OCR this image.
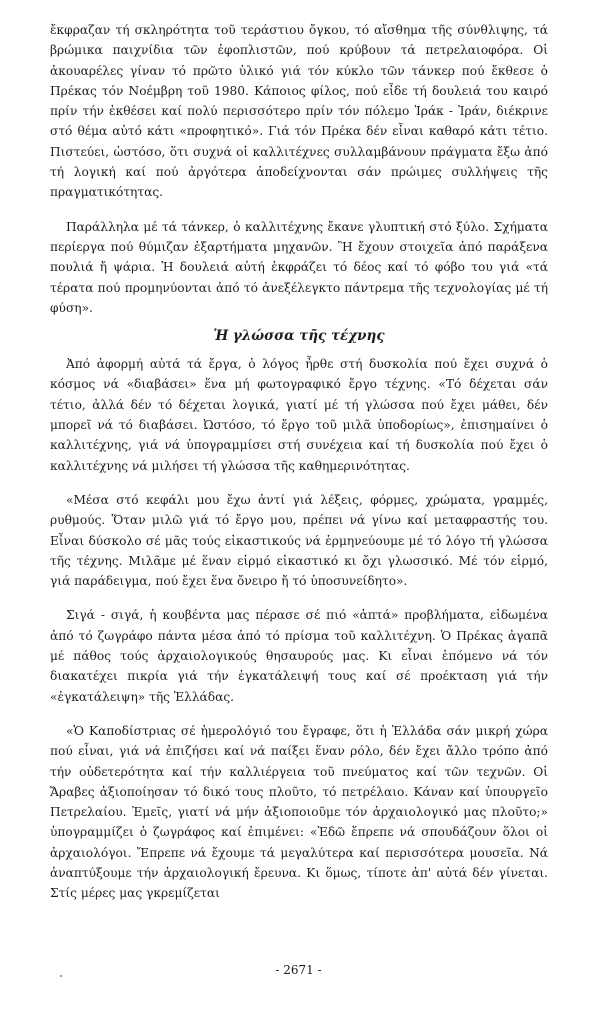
ἔκφραζαν τή σκληρότητα τοῦ τεράστιου ὄγκου, τό αἴσθημα τῆς σύνθλιψης, τά βρώμικα παιχνίδια τῶν ἐφοπλιστῶν, πού κρύβουν τά πετρελαιοφόρα. Οἱ ἀκουαρέλες γίναν τό πρῶτο ὑλικό γιά τόν κύκλο τῶν τάνκερ πού ἔκθεσε ὁ Πρέκας τόν Νοέμβρη τοῦ 1980. Κάποιος φίλος, πού εἶδε τή δουλειά του καιρό πρίν τήν ἐκθέσει καί πολύ περισσότερο πρίν τόν πόλεμο Ἰράκ - Ἰράν, διέκρινε στό θέμα αὐτό κάτι «προφητικό». Γιά τόν Πρέκα δέν εἶναι καθαρό κάτι τέτιο. Πιστεύει, ὡστόσο, ὅτι συχνά οἱ καλλιτέχνες συλλαμβάνουν πράγματα ἔξω ἀπό τή λογική καί πού ἀργότερα ἀποδείχνονται σάν πρώιμες συλλήψεις τῆς πραγματικότητας.

Παράλληλα μέ τά τάνκερ, ὁ καλλιτέχνης ἔκανε γλυπτική στό ξύλο. Σχήματα περίεργα πού θύμιζαν ἐξαρτήματα μηχανῶν. Ἢ ἔχουν στοιχεῖα ἀπό παράξενα πουλιά ἤ ψάρια. Ἡ δουλειά αὐτή ἐκφράζει τό δέος καί τό φόβο του γιά «τά τέρατα πού προμηνύονται ἀπό τό ἀνεξέλεγκτο πάντρεμα τῆς τεχνολογίας μέ τή φύση».

Ἡ γλώσσα τῆς τέχνης

Ἀπό ἀφορμή αὐτά τά ἔργα, ὁ λόγος ἦρθε στή δυσκολία πού ἔχει συχνά ὁ κόσμος νά «διαβάσει» ἕνα μή φωτογραφικό ἔργο τέχνης. «Τό δέχεται σάν τέτιο, ἀλλά δέν τό δέχεται λογικά, γιατί μέ τή γλώσσα πού ἔχει μάθει, δέν μπορεῖ νά τό διαβάσει. Ὠστόσο, τό ἔργο τοῦ μιλᾶ ὑποδορίως», ἐπισημαίνει ὁ καλλιτέχνης, γιά νά ὑπογραμμίσει στή συνέχεια καί τή δυσκολία πού ἔχει ὁ καλλιτέχνης νά μιλήσει τή γλώσσα τῆς καθημερινότητας.

«Μέσα στό κεφάλι μου ἔχω ἀντί γιά λέξεις, φόρμες, χρώματα, γραμμές, ρυθμούς. Ὅταν μιλῶ γιά τό ἔργο μου, πρέπει νά γίνω καί μεταφραστής του. Εἶναι δύσκολο σέ μᾶς τούς εἰκαστικούς νά ἑρμηνεύουμε μέ τό λόγο τή γλώσσα τῆς τέχνης. Μιλᾶμε μέ ἕναν εἱρμό εἰκαστικό κι ὄχι γλωσσικό. Μέ τόν εἱρμό, γιά παράδειγμα, πού ἔχει ἕνα ὄνειρο ἤ τό ὑποσυνείδητο».

Σιγά - σιγά, ἡ κουβέντα μας πέρασε σέ πιό «ἁπτά» προβλήματα, εἰδωμένα ἀπό τό ζωγράφο πάντα μέσα ἀπό τό πρίσμα τοῦ καλλιτέχνη. Ὁ Πρέκας ἀγαπᾶ μέ πάθος τούς ἀρχαιολογικούς θησαυρούς μας. Κι εἶναι ἑπόμενο νά τόν διακατέχει πικρία γιά τήν ἐγκατάλειψή τους καί σέ προέκταση γιά τήν «ἐγκατάλειψη» τῆς Ἑλλάδας.

«Ὁ Καποδίστριας σέ ἡμερολόγιό του ἔγραφε, ὅτι ἡ Ἑλλάδα σάν μικρή χώρα πού εἶναι, γιά νά ἐπιζήσει καί νά παίξει ἕναν ρόλο, δέν ἔχει ἄλλο τρόπο ἀπό τήν οὐδετερότητα καί τήν καλλιέργεια τοῦ πνεύματος καί τῶν τεχνῶν. Οἱ Ἄραβες ἀξιοποίησαν τό δικό τους πλοῦτο, τό πετρέλαιο. Κάναν καί ὑπουργεῖο Πετρελαίου. Ἐμεῖς, γιατί νά μήν ἀξιοποιοῦμε τόν ἀρχαιολογικό μας πλοῦτο;» ὑπογραμμίζει ὁ ζωγράφος καί ἐπιμένει: «Ἐδῶ ἔπρεπε νά σπουδάζουν ὅλοι οἱ ἀρχαιολόγοι. Ἔπρεπε νά ἔχουμε τά μεγαλύτερα καί περισσότερα μουσεῖα. Νά ἀναπτύξουμε τήν ἀρχαιολογική ἔρευνα. Κι ὅμως, τίποτε ἀπ' αὐτά δέν γίνεται. Στίς μέρες μας γκρεμίζεται

- 2671 -
